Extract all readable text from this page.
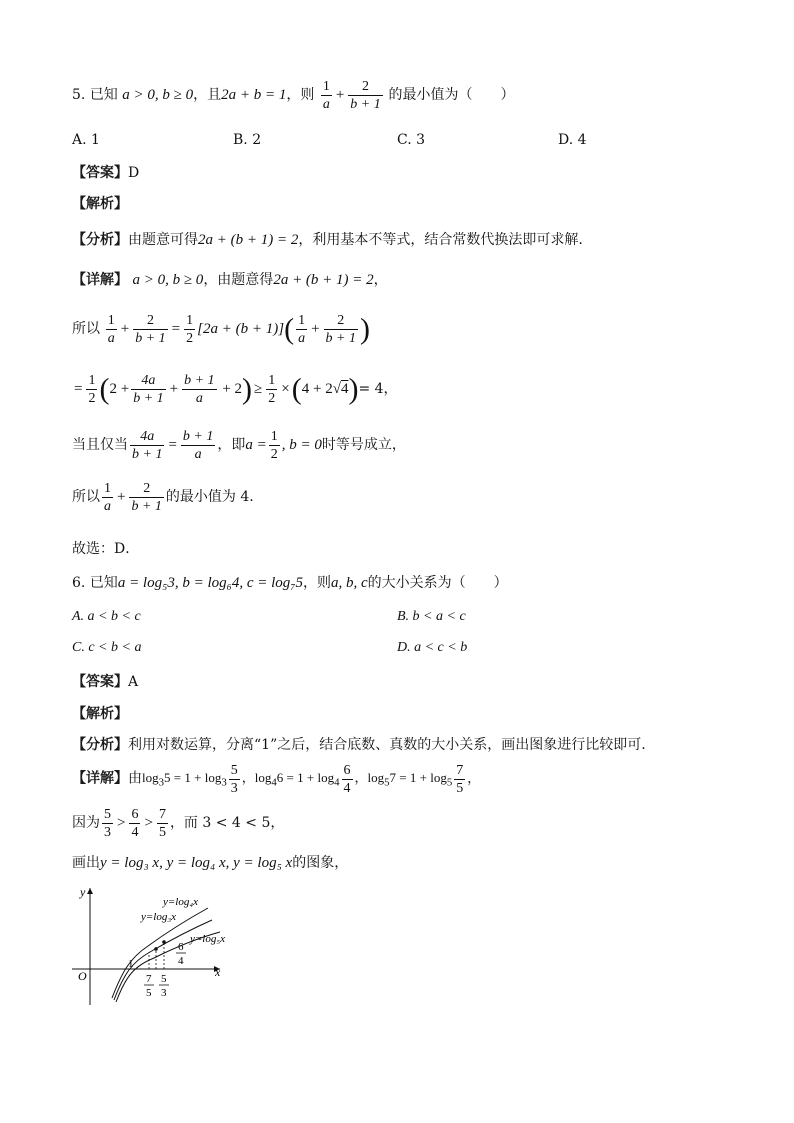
5. 已知 a > 0, b ≥ 0，且2a + b = 1，则 $\frac{1}{a} + \frac{2}{b + 1}$ 的最小值为（　　）
A. 1	B. 2	C. 3	D. 4
【答案】D
【解析】
【分析】由题意可得2a + (b + 1) = 2，利用基本不等式，结合常数代换法即可求解.
【详解】 a > 0, b ≥ 0，由题意得2a + (b + 1) = 2，
所以 $\frac{1}{a} + \frac{2}{b + 1} = \frac{1}{2} [2a + (b + 1)]( \frac{1}{a} + \frac{2}{b + 1}$ )
= $\frac{1}{2} (2 + \frac{4a}{b + 1} + \frac{b + 1}{a} + 2) \ge \frac{1}{2} \times(4 + 2√4)= 4$，
当且仅当 $\frac{4a}{b + 1} = \frac{b + 1}{a}$ ，即$a = \frac{1}{2}$ , b = 0时等号成立，
所以 $\frac{1}{a} + \frac{2}{b + 1}$ 的最小值为 4.
故选：D．
6. 已知a = log₅3, b = log₆4, c = log₇5，则a, b, c的大小关系为（　　）
A. a < b < c	B. b < a < c
C. c < b < a	D. a < c < b
【答案】A
【解析】
【分析】利用对数运算，分离“1”之后，结合底数、真数的大小关系，画出图象进行比较即可.
【详解】由$\log_35 = 1 + \log_3 \frac{5}{3}$ ，$\log_46 = 1 + \log_4 \frac{6}{4}$ ，$\log_57 = 1 + \log_5 \frac{7}{5}$ ，
因为 $\frac{5}{3} > \frac{6}{4} > \frac{7}{5}$ ，而 3 < 4 < 5，
画出y = log₃ x, y = log₄ x, y = log₅ x的图象，
y
x
O
1
y=log₄x
y=log₃x
y=log₅x
6
4
7
5
5
3
